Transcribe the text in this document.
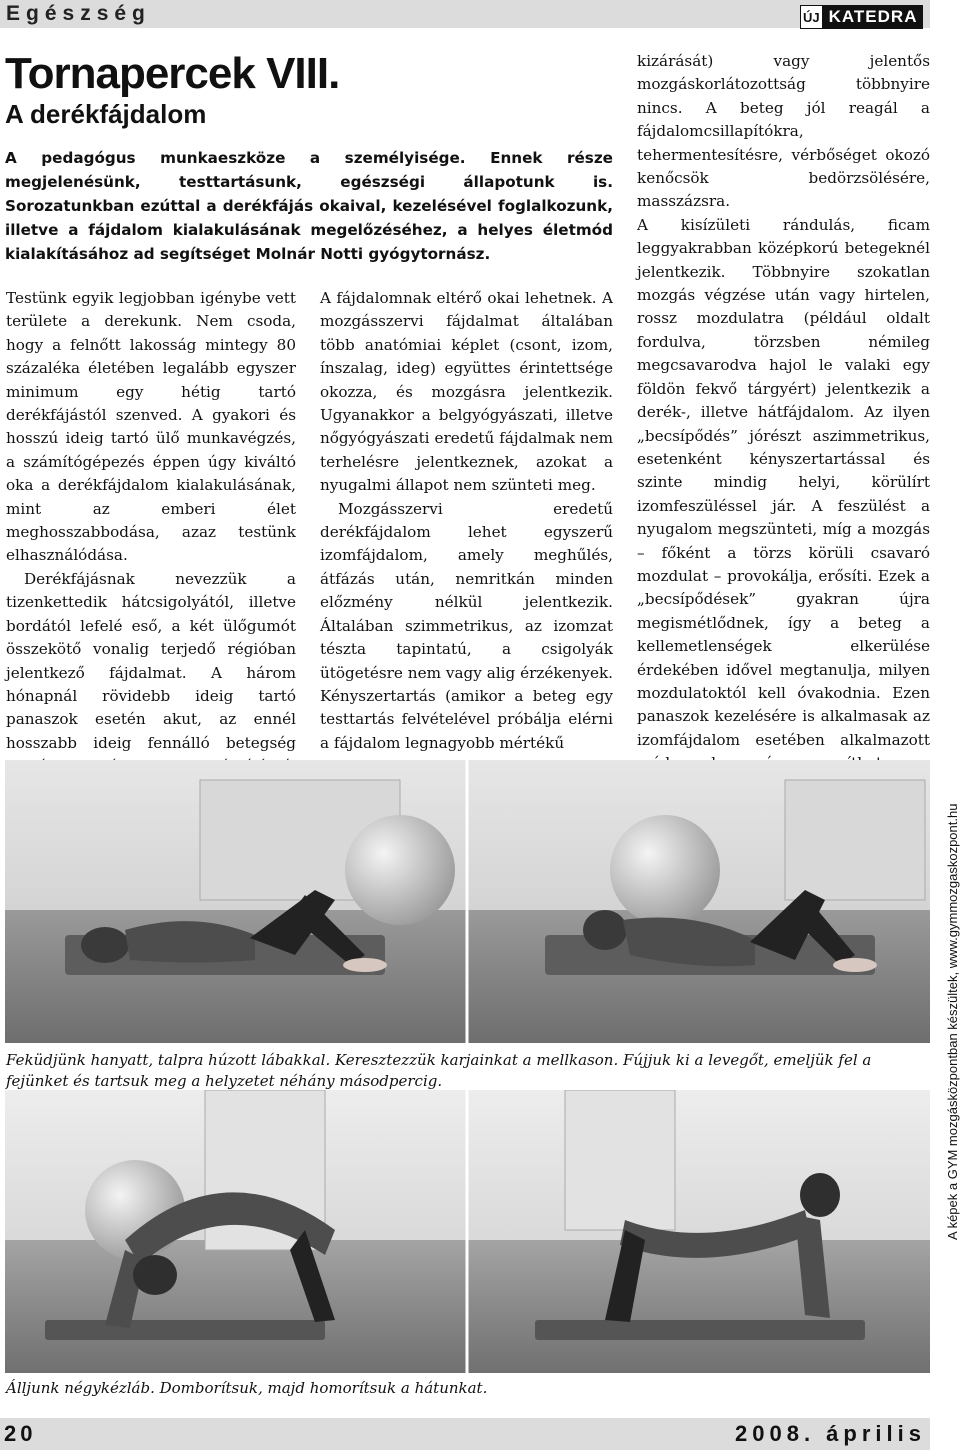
Egészség	ÚJ KATEDRA
Tornapercek VIII.
A derékfájdalom

A pedagógus munkaeszköze a személyisége. Ennek része megjelenésünk, testtartásunk, egészségi állapotunk is. Sorozatunkban ezúttal a derékfájás okaival, kezelésével foglalkozunk, illetve a fájdalom kialakulásának megelőzéséhez, a helyes életmód kialakításához ad segítséget Molnár Notti gyógytornász.

Testünk egyik legjobban igénybe vett területe a derekunk. Nem csoda, hogy a felnőtt lakosság mintegy 80 százaléka életében legalább egyszer minimum egy hétig tartó derékfájástól szenved. A gyakori és hosszú ideig tartó ülő munkavégzés, a számítógépezés éppen úgy kiváltó oka a derékfájdalom kialakulásának, mint az emberi élet meghosszabbodása, azaz testünk elhasználódása.

Derékfájásnak nevezzük a tizenkettedik hátcsigolyától, illetve bordától lefelé eső, a két ülőgumót összekötő vonalig terjedő régióban jelentkező fájdalmat. A három hónapnál rövidebb ideig tartó panaszok esetén akut, az ennél hosszabb ideig fennálló betegség

A fájdalomnak eltérő okai lehetnek. A mozgásszervi fájdalmat általában több anatómiai képlet (csont, izom, ínszalag, ideg) együttes érintettsége okozza, és mozgásra jelentkezik. Ugyanakkor a belgyógyászati, illetve nőgyógyászati eredetű fájdalmak nem terhelésre jelentkeznek, azokat a nyugalmi állapot nem szünteti meg.

Mozgásszervi eredetű derékfájdalom lehet egyszerű izomfájdalom, amely meghűlés, átfázás után, nemritkán minden előzmény nélkül jelentkezik. Általában szimmetrikus, az izomzat tészta tapintatú, a csigolyák ütögetésre nem vagy alig érzékenyek. Kényszertartás (amikor a beteg egy testtartás felvételével próbálja elérni a fájdalom legnagyobb mértékű

kizárását) vagy jelentős mozgáskorlátozottság többnyire nincs. A beteg jól reagál a fájdalomcsillapítókra, tehermentesítésre, vérbőséget okozó kenőcsök bedörzsölésére, masszázsra.

A kisízületi rándulás, ficam leggyakrabban középkorú betegeknél jelentkezik. Többnyire szokatlan mozgás végzése után vagy hirtelen, rossz mozdulatra (például oldalt fordulva, törzsben némileg megcsavarodva hajol le valaki egy földön fekvő tárgyért) jelentkezik a derék-, illetve hátfájdalom. Az ilyen „becsípődés” jórészt aszimmetrikus, esetenként kényszertartással és szinte mindig helyi, körülírt izomfeszüléssel jár. A feszülést a nyugalom megszünteti, míg a mozgás – főként a törzs körüli csavaró mozdulat – provokálja, erősíti. Ezek a „becsípődések” gyakran újra megismétlődnek, így a beteg a kellemetlenségek elkerülése érdekében idővel megtanulja, milyen mozdulatoktól kell óvakodnia. Ezen panaszok kezelésére is alkalmasak az izomfájdalom esetében alkalmazott

Feküdjünk hanyatt, talpra húzott lábakkal. Keresztezzük karjainkat a mellkason. Fújjuk ki a levegőt, emeljük fel a fejünket és tartsuk meg a helyzetet néhány másodpercig.

Álljunk négykézláb. Domborítsuk, majd homorítsuk a hátunkat.

A képek a GYM mozgásközpontban készültek, www.gymmozgaskozpont.hu
20	2008. április
